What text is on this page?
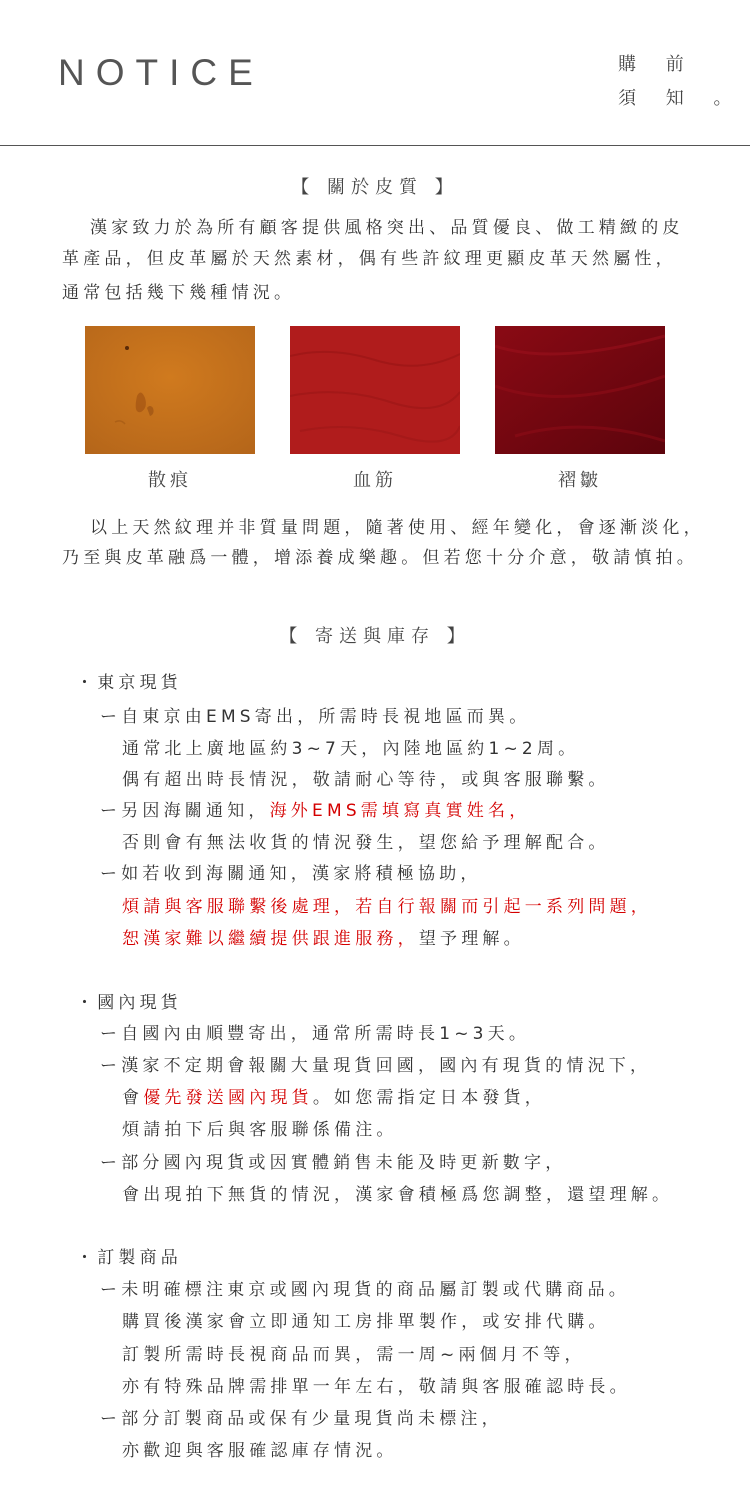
NOTICE	購 前
須 知 。
【 關於皮質 】
漢家致力於為所有顧客提供風格突出、品質優良、做工精緻的皮
革產品，但皮革屬於天然素材，偶有些許紋理更顯皮革天然屬性，
通常包括幾下幾種情況。
散痕	血筋	褶皺
以上天然紋理并非質量問題，隨著使用、經年變化，會逐漸淡化，
乃至與皮革融爲一體，增添養成樂趣。但若您十分介意，敬請慎拍。
【 寄送與庫存 】
・東京現貨
ー自東京由EMS寄出，所需時長視地區而異。
通常北上廣地區約3~7天，內陸地區約1~2周。
偶有超出時長情況，敬請耐心等待，或與客服聯繫。
ー另因海關通知，海外EMS需填寫真實姓名，
否則會有無法收貨的情況發生，望您給予理解配合。
ー如若收到海關通知，漢家將積極協助，
煩請與客服聯繫後處理，若自行報關而引起一系列問題，
恕漢家難以繼續提供跟進服務，望予理解。
・國內現貨
ー自國內由順豐寄出，通常所需時長1~3天。
ー漢家不定期會報關大量現貨回國，國內有現貨的情況下，
會優先發送國內現貨。如您需指定日本發貨，
煩請拍下后與客服聯係備注。
ー部分國內現貨或因實體銷售未能及時更新數字，
會出現拍下無貨的情況，漢家會積極爲您調整，還望理解。
・訂製商品
ー未明確標注東京或國內現貨的商品屬訂製或代購商品。
購買後漢家會立即通知工房排單製作，或安排代購。
訂製所需時長視商品而異，需一周~兩個月不等，
亦有特殊品牌需排單一年左右，敬請與客服確認時長。
ー部分訂製商品或保有少量現貨尚未標注，
亦歡迎與客服確認庫存情況。
